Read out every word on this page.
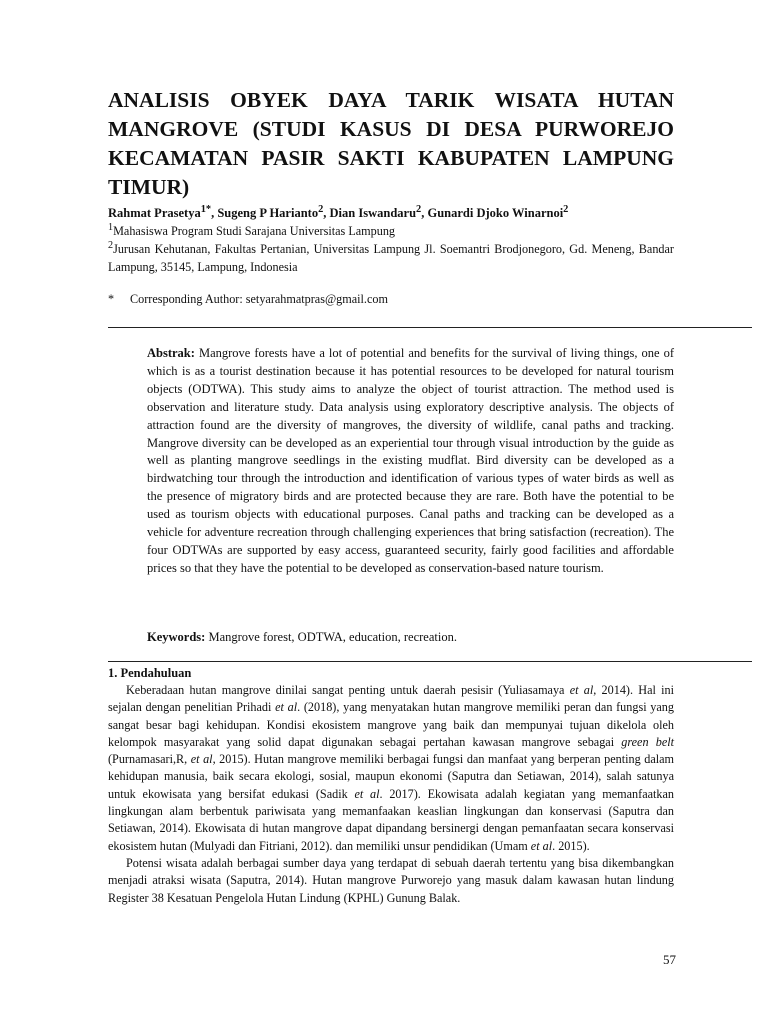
ANALISIS OBYEK DAYA TARIK WISATA HUTAN MANGROVE (STUDI KASUS DI DESA PURWOREJO KECAMATAN PASIR SAKTI KABUPATEN LAMPUNG TIMUR)
Rahmat Prasetya$^{1*}$, Sugeng P Harianto$^2$, Dian Iswandaru$^2$, Gunardi Djoko Winarnoi$^2$
$^1$Mahasiswa Program Studi Sarajana Universitas Lampung
$^2$Jurusan Kehutanan, Fakultas Pertanian, Universitas Lampung Jl. Soemantri Brodjonegoro, Gd. Meneng, Bandar Lampung, 35145, Lampung, Indonesia
* Corresponding Author: setyarahmatpras@gmail.com

Abstrak: Mangrove forests have a lot of potential and benefits for the survival of living things, one of which is as a tourist destination because it has potential resources to be developed for natural tourism objects (ODTWA). This study aims to analyze the object of tourist attraction. The method used is observation and literature study. Data analysis using exploratory descriptive analysis. The objects of attraction found are the diversity of mangroves, the diversity of wildlife, canal paths and tracking. Mangrove diversity can be developed as an experiential tour through visual introduction by the guide as well as planting mangrove seedlings in the existing mudflat. Bird diversity can be developed as a birdwatching tour through the introduction and identification of various types of water birds as well as the presence of migratory birds and are protected because they are rare. Both have the potential to be used as tourism objects with educational purposes. Canal paths and tracking can be developed as a vehicle for adventure recreation through challenging experiences that bring satisfaction (recreation). The four ODTWAs are supported by easy access, guaranteed security, fairly good facilities and affordable prices so that they have the potential to be developed as conservation-based nature tourism.

Keywords: Mangrove forest, ODTWA, education, recreation.
1. Pendahuluan

Keberadaan hutan mangrove dinilai sangat penting untuk daerah pesisir (Yuliasamaya et al, 2014). Hal ini sejalan dengan penelitian Prihadi et al. (2018), yang menyatakan hutan mangrove memiliki peran dan fungsi yang sangat besar bagi kehidupan. Kondisi ekosistem mangrove yang baik dan mempunyai tujuan dikelola oleh kelompok masyarakat yang solid dapat digunakan sebagai pertahan kawasan mangrove sebagai green belt (Purnamasari,R, et al, 2015). Hutan mangrove memiliki berbagai fungsi dan manfaat yang berperan penting dalam kehidupan manusia, baik secara ekologi, sosial, maupun ekonomi (Saputra dan Setiawan, 2014), salah satunya untuk ekowisata yang bersifat edukasi (Sadik et al. 2017). Ekowisata adalah kegiatan yang memanfaatkan lingkungan alam berbentuk pariwisata yang memanfaakan keaslian lingkungan dan konservasi (Saputra dan Setiawan, 2014). Ekowisata di hutan mangrove dapat dipandang bersinergi dengan pemanfaatan secara konservasi ekosistem hutan (Mulyadi dan Fitriani, 2012). dan memiliki unsur pendidikan (Umam et al. 2015).

Potensi wisata adalah berbagai sumber daya yang terdapat di sebuah daerah tertentu yang bisa dikembangkan menjadi atraksi wisata (Saputra, 2014). Hutan mangrove Purworejo yang masuk dalam kawasan hutan lindung Register 38 Kesatuan Pengelola Hutan Lindung (KPHL) Gunung Balak.

57
